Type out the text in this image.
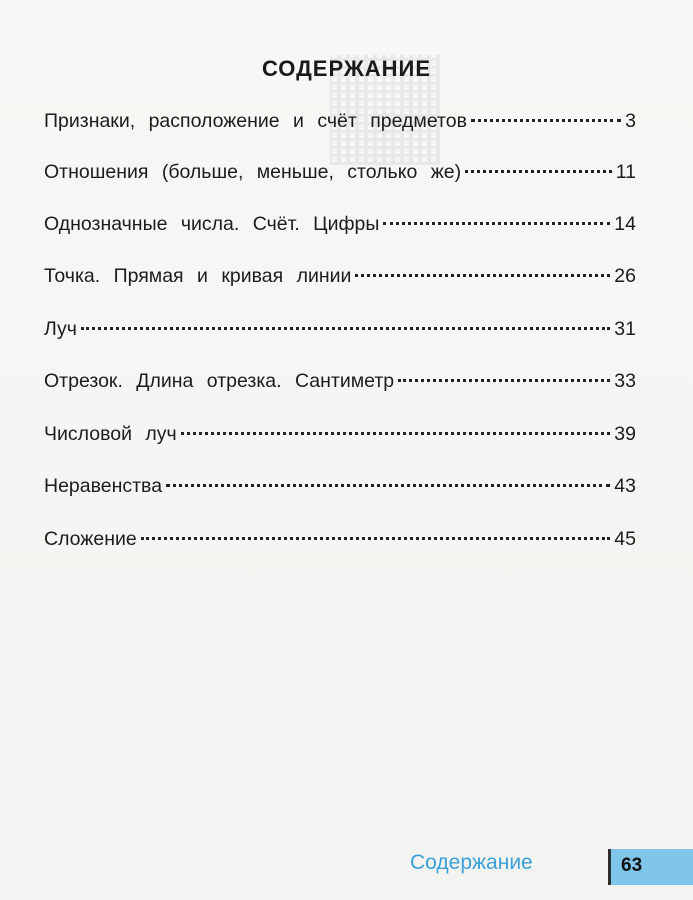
СОДЕРЖАНИЕ
Признаки, расположение и счёт предметов	3
Отношения (больше, меньше, столько же)	11
Однозначные числа. Счёт. Цифры	14
Точка. Прямая и кривая линии	26
Луч	31
Отрезок. Длина отрезка. Сантиметр	33
Числовой луч	39
Неравенства	43
Сложение	45
Содержание	63
